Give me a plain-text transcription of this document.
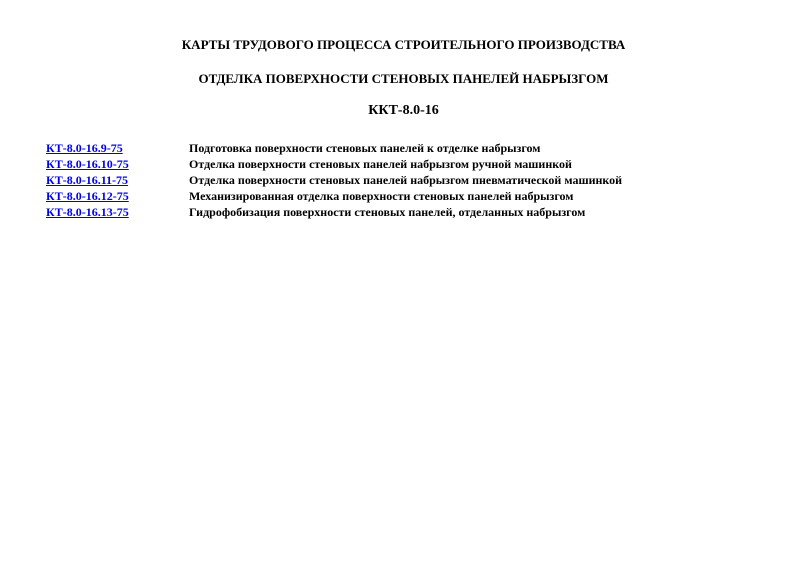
КАРТЫ ТРУДОВОГО ПРОЦЕССА СТРОИТЕЛЬНОГО ПРОИЗВОДСТВА
ОТДЕЛКА ПОВЕРХНОСТИ СТЕНОВЫХ ПАНЕЛЕЙ НАБРЫЗГОМ
ККТ-8.0-16
КТ-8.0-16.9-75	Подготовка поверхности стеновых панелей к отделке набрызгом
КТ-8.0-16.10-75	Отделка поверхности стеновых панелей набрызгом ручной машинкой
КТ-8.0-16.11-75	Отделка поверхности стеновых панелей набрызгом пневматической машинкой
КТ-8.0-16.12-75	Механизированная отделка поверхности стеновых панелей набрызгом
КТ-8.0-16.13-75	Гидрофобизация поверхности стеновых панелей, отделанных набрызгом
